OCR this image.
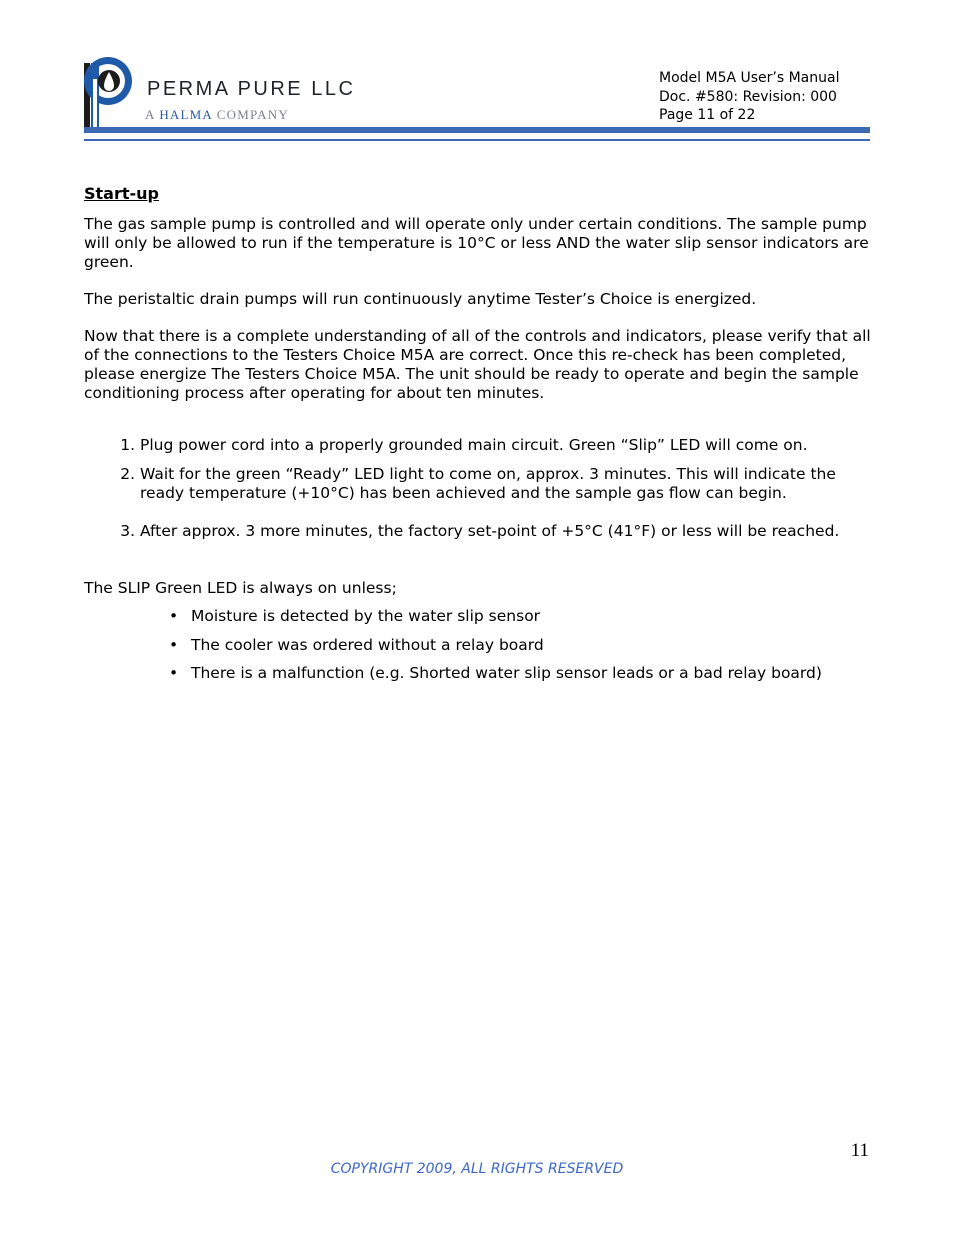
PERMA PURE LLC
A HALMA COMPANY
Model M5A User’s Manual
Doc. #580: Revision: 000
Page 11 of 22
Start-up

The gas sample pump is controlled and will operate only under certain conditions. The sample pump will only be allowed to run if the temperature is 10°C or less AND the water slip sensor indicators are green.

The peristaltic drain pumps will run continuously anytime Tester’s Choice is energized.

Now that there is a complete understanding of all of the controls and indicators, please verify that all of the connections to the Testers Choice M5A are correct. Once this re-check has been completed, please energize The Testers Choice M5A. The unit should be ready to operate and begin the sample conditioning process after operating for about ten minutes.

1. Plug power cord into a properly grounded main circuit. Green “Slip” LED will come on.
2. Wait for the green “Ready” LED light to come on, approx. 3 minutes. This will indicate the ready temperature (+10°C) has been achieved and the sample gas flow can begin.
3. After approx. 3 more minutes, the factory set-point of +5°C (41°F) or less will be reached.

The SLIP Green LED is always on unless;

• Moisture is detected by the water slip sensor
• The cooler was ordered without a relay board
• There is a malfunction (e.g. Shorted water slip sensor leads or a bad relay board)
11
COPYRIGHT 2009, ALL RIGHTS RESERVED
